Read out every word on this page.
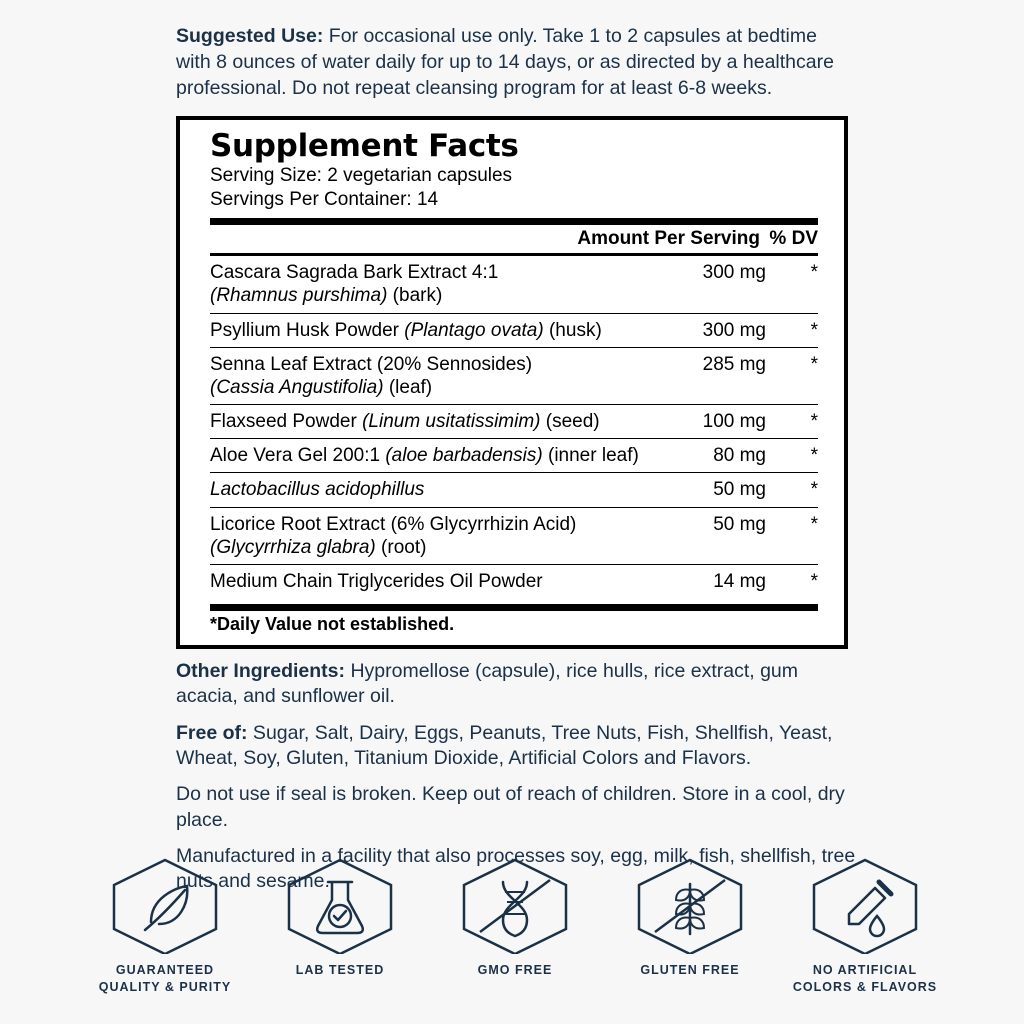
Suggested Use: For occasional use only. Take 1 to 2 capsules at bedtime with 8 ounces of water daily for up to 14 days, or as directed by a healthcare professional. Do not repeat cleansing program for at least 6-8 weeks.

Supplement Facts
Serving Size: 2 vegetarian capsules
Servings Per Container: 14
Amount Per Serving % DV
Cascara Sagrada Bark Extract 4:1
(Rhamnus purshima) (bark)	300 mg	*
Psyllium Husk Powder (Plantago ovata) (husk)	300 mg	*
Senna Leaf Extract (20% Sennosides)
(Cassia Angustifolia) (leaf)	285 mg	*
Flaxseed Powder (Linum usitatissimim) (seed)	100 mg	*
Aloe Vera Gel 200:1 (aloe barbadensis) (inner leaf)	80 mg	*
Lactobacillus acidophillus	50 mg	*
Licorice Root Extract (6% Glycyrrhizin Acid)
(Glycyrrhiza glabra) (root)	50 mg	*
Medium Chain Triglycerides Oil Powder	14 mg	*
*Daily Value not established.

Other Ingredients: Hypromellose (capsule), rice hulls, rice extract, gum acacia, and sunflower oil.

Free of: Sugar, Salt, Dairy, Eggs, Peanuts, Tree Nuts, Fish, Shellfish, Yeast, Wheat, Soy, Gluten, Titanium Dioxide, Artificial Colors and Flavors.

Do not use if seal is broken. Keep out of reach of children. Store in a cool, dry place.

Manufactured in a facility that also processes soy, egg, milk, fish, shellfish, tree nuts and sesame.

GUARANTEED
QUALITY & PURITY
LAB TESTED	GMO FREE	GLUTEN FREE	NO ARTIFICIAL
COLORS & FLAVORS
